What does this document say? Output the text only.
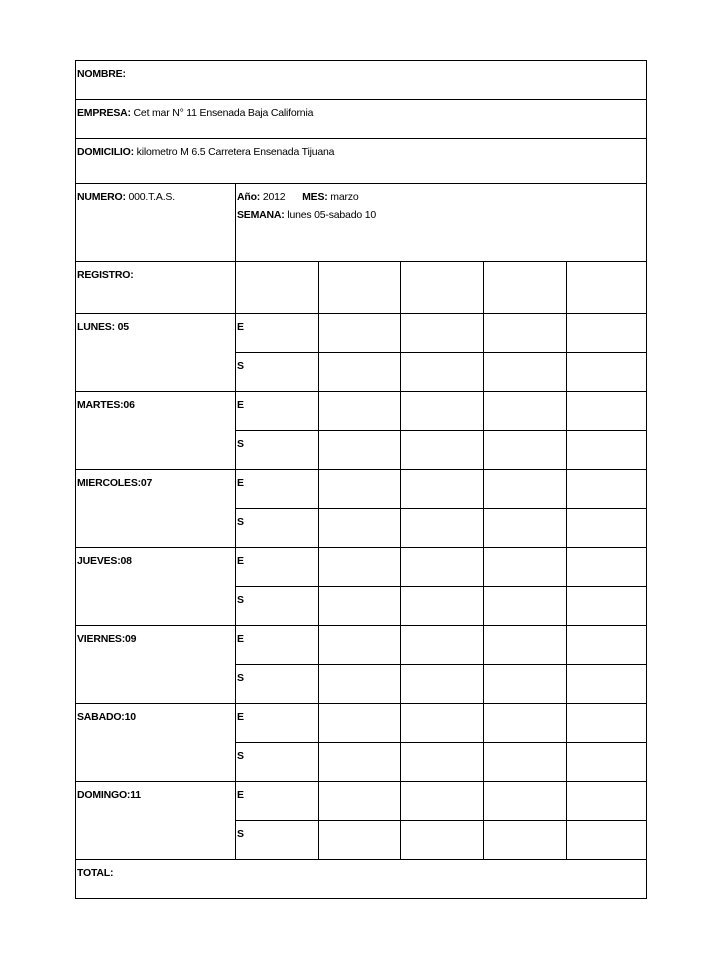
NOMBRE:					
EMPRESA: Cet mar N° 11 Ensenada Baja California					
DOMICILIO: kilometro M 6.5 Carretera Ensenada Tijuana					
NUMERO: 000.T.A.S.	Año: 2012 MES: marzo
SEMANA: lunes 05-sabado 10				

REGISTRO:					
LUNES: 05	E				
	S				
MARTES:06	E				
	S				
MIERCOLES:07	E				
	S				
JUEVES:08	E				
	S				
VIERNES:09	E				
	S				
SABADO:10	E				
	S				
DOMINGO:11	E				
	S				
TOTAL:					
